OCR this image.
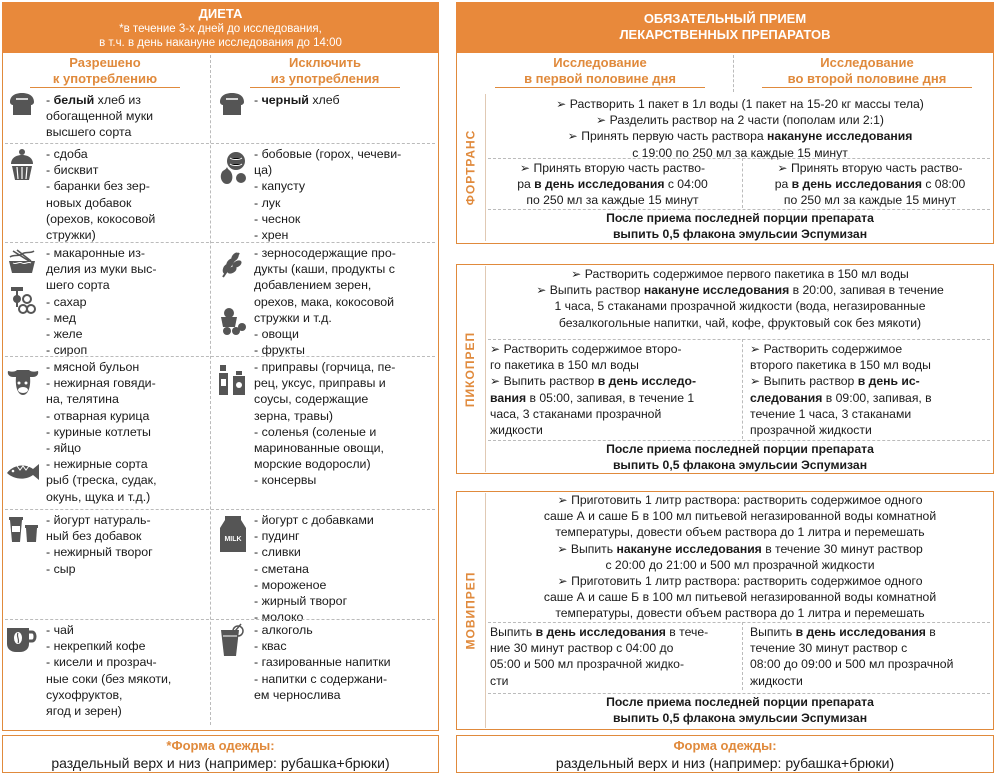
ДИЕТА
*в течение 3-х дней до исследования,
в т.ч. в день накануне исследования до 14:00
Разрешено
к употреблению
Исключить
из употребления
- белый хлеб из
обогащенной муки
высшего сорта
- черный хлеб
- сдоба
- бисквит
- баранки без зер-
новых добавок
(орехов, кокосовой
стружки)
- бобовые (горох, чечеви-
ца)
- капусту
- лук
- чеснок
- хрен
- макаронные из-
делия из муки выс-
шего сорта
- сахар
- мед
- желе
- сироп
- зерносодержащие про-
дукты (каши, продукты с
добавлением зерен,
орехов, мака, кокосовой
стружки и т.д.
- овощи
- фрукты
- мясной бульон
- нежирная говяди-
на, телятина
- отварная курица
- куриные котлеты
- яйцо
- нежирные сорта
рыб (треска, судак,
окунь, щука и т.д.)
- приправы (горчица, пе-
рец, уксус, приправы и
соусы, содержащие
зерна, травы)
- соленья (соленые и
маринованные овощи,
морские водоросли)
- консервы
MILK
- йогурт натураль-
ный без добавок
- нежирный творог
- сыр
- йогурт с добавками
- пудинг
- сливки
- сметана
- мороженое
- жирный творог
- молоко
- чай
- некрепкий кофе
- кисели и прозрач-
ные соки (без мякоти,
сухофруктов,
ягод и зерен)
- алкоголь
- квас
- газированные напитки
- напитки с содержани-
ем чернослива
ОБЯЗАТЕЛЬНЫЙ ПРИЕМ
ЛЕКАРСТВЕННЫХ ПРЕПАРАТОВ
Исследование
в первой половине дня
Исследование
во второй половине дня
ФОРТРАНС
➢ Растворить 1 пакет в 1л воды (1 пакет на 15-20 кг массы тела)
➢ Разделить раствор на 2 части (пополам или 2:1)
➢ Принять первую часть раствора накануне исследования
с 19:00 по 250 мл за каждые 15 минут
➢ Принять вторую часть раство-
ра в день исследования с 04:00
по 250 мл за каждые 15 минут
➢ Принять вторую часть раство-
ра в день исследования с 08:00
по 250 мл за каждые 15 минут
После приема последней порции препарата
выпить 0,5 флакона эмульсии Эспумизан
ПИКОПРЕП
➢ Растворить содержимое первого пакетика в 150 мл воды
➢ Выпить раствор накануне исследования в 20:00, запивая в течение
1 часа, 5 стаканами прозрачной жидкости (вода, негазированные
безалкогольные напитки, чай, кофе, фруктовый сок без мякоти)
➢ Растворить содержимое второ-
го пакетика в 150 мл воды
➢ Выпить раствор в день исследо-
вания в 05:00, запивая, в течение 1
часа, 3 стаканами прозрачной
жидкости
➢ Растворить содержимое
второго пакетика в 150 мл воды
➢ Выпить раствор в день ис-
следования в 09:00, запивая, в
течение 1 часа, 3 стаканами
прозрачной жидкости
После приема последней порции препарата
выпить 0,5 флакона эмульсии Эспумизан
МОВИПРЕП
➢ Приготовить 1 литр раствора: растворить содержимое одного
саше А и саше Б в 100 мл питьевой негазированной воды комнатной
температуры, довести объем раствора до 1 литра и перемешать
➢ Выпить накануне исследования в течение 30 минут раствор
с 20:00 до 21:00 и 500 мл прозрачной жидкости
➢ Приготовить 1 литр раствора: растворить содержимое одного
саше А и саше Б в 100 мл питьевой негазированной воды комнатной
температуры, довести объем раствора до 1 литра и перемешать
Выпить в день исследования в тече-
ние 30 минут раствор с 04:00 до
05:00 и 500 мл прозрачной жидко-
сти
Выпить в день исследования в
течение 30 минут раствор с
08:00 до 09:00 и 500 мл прозрачной
жидкости
После приема последней порции препарата
выпить 0,5 флакона эмульсии Эспумизан
*Форма одежды:
раздельный верх и низ (например: рубашка+брюки)
Форма одежды:
раздельный верх и низ (например: рубашка+брюки)
